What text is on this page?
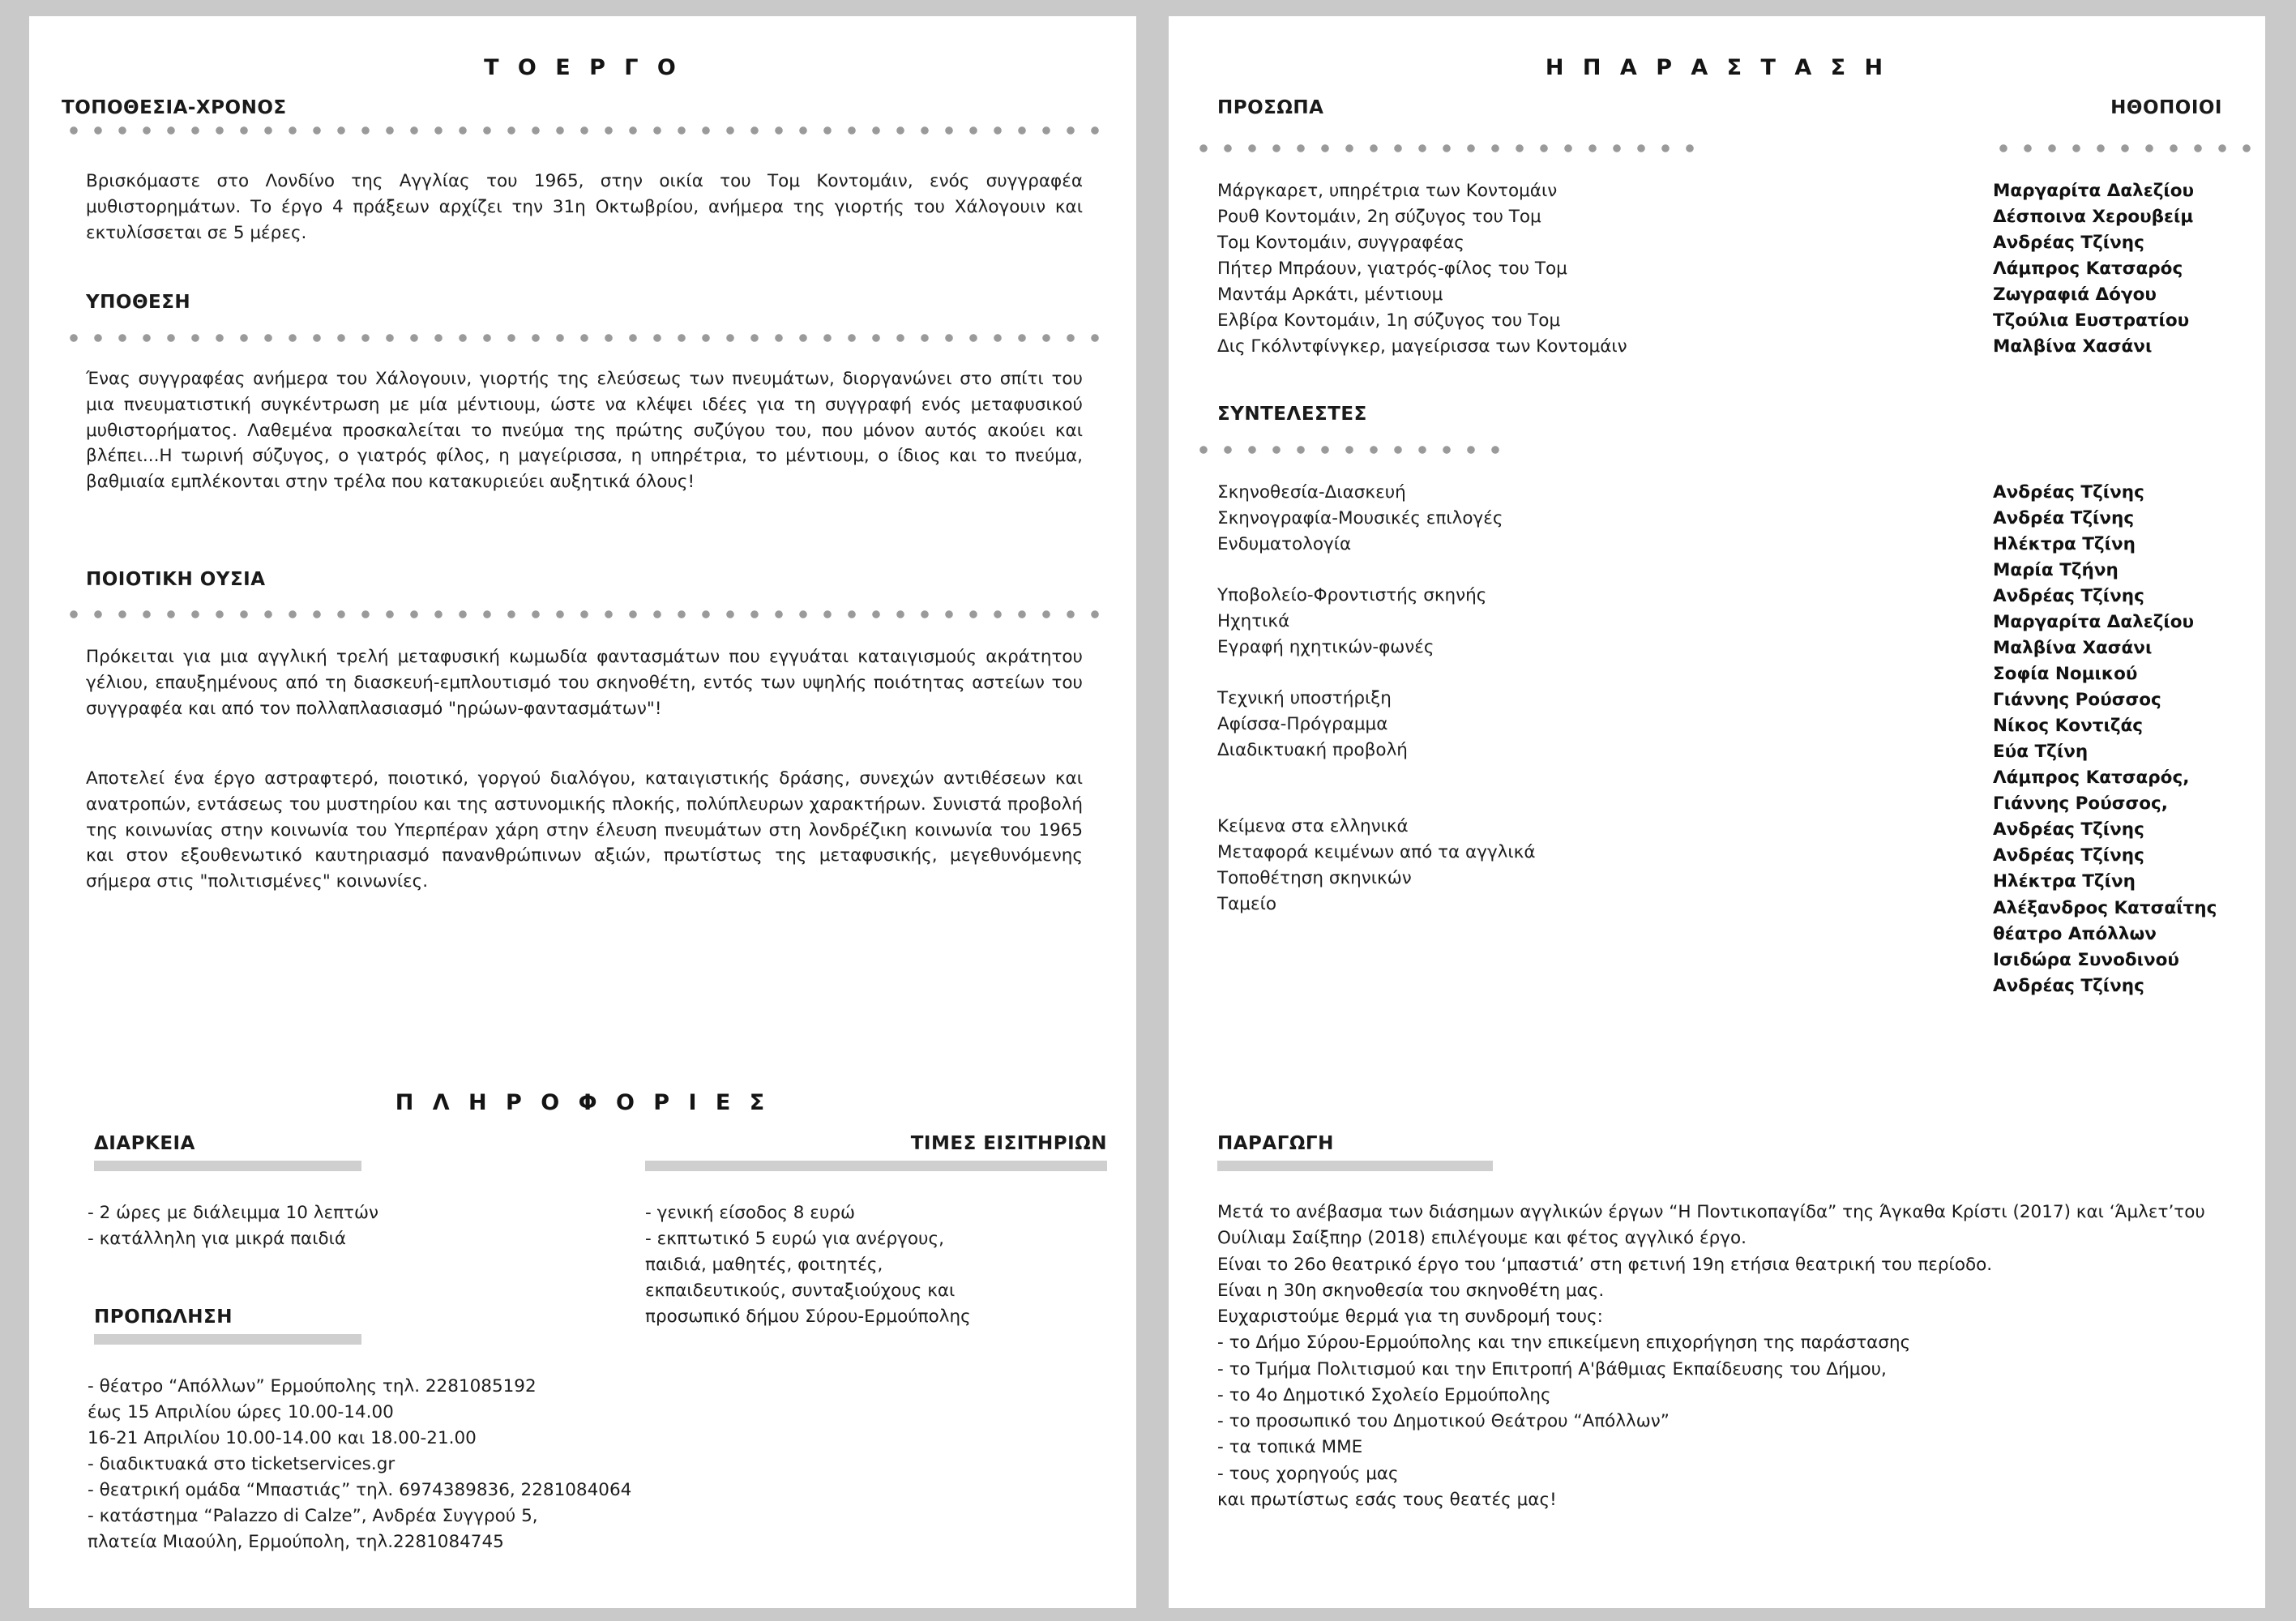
Τ Ο Ε Ρ Γ Ο
ΤΟΠΟΘΕΣΙΑ-ΧΡΟΝΟΣ
Βρισκόμαστε στο Λονδίνο της Αγγλίας του 1965, στην οικία του Τομ Κοντομάιν, ενός συγγραφέα μυθιστορημάτων. Το έργο 4 πράξεων αρχίζει την 31η Οκτωβρίου, ανήμερα της γιορτής του Χάλογουιν και εκτυλίσσεται σε 5 μέρες.
ΥΠΟΘΕΣΗ
Ένας συγγραφέας ανήμερα του Χάλογουιν, γιορτής της ελεύσεως των πνευμάτων, διοργανώνει στο σπίτι του μια πνευματιστική συγκέντρωση με μία μέντιουμ, ώστε να κλέψει ιδέες για τη συγγραφή ενός μεταφυσικού μυθιστορήματος. Λαθεμένα προσκαλείται το πνεύμα της πρώτης συζύγου του, που μόνον αυτός ακούει και βλέπει...Η τωρινή σύζυγος, ο γιατρός φίλος, η μαγείρισσα, η υπηρέτρια, το μέντιουμ, ο ίδιος και το πνεύμα, βαθμιαία εμπλέκονται στην τρέλα που κατακυριεύει αυξητικά όλους!
ΠΟΙΟΤΙΚΗ ΟΥΣΙΑ
Πρόκειται για μια αγγλική τρελή μεταφυσική κωμωδία φαντασμάτων που εγγυάται καταιγισμούς ακράτητου γέλιου, επαυξημένους από τη διασκευή-εμπλουτισμό του σκηνοθέτη, εντός των υψηλής ποιότητας αστείων του συγγραφέα και από τον πολλαπλασιασμό "ηρώων-φαντασμάτων"!
Αποτελεί ένα έργο αστραφτερό, ποιοτικό, γοργού διαλόγου, καταιγιστικής δράσης, συνεχών αντιθέσεων και ανατροπών, εντάσεως του μυστηρίου και της αστυνομικής πλοκής, πολύπλευρων χαρακτήρων. Συνιστά προβολή της κοινωνίας στην κοινωνία του Υπερπέραν χάρη στην έλευση πνευμάτων στη λονδρέζικη κοινωνία του 1965 και στον εξουθενωτικό καυτηριασμό πανανθρώπινων αξιών, πρωτίστως της μεταφυσικής, μεγεθυνόμενης σήμερα στις "πολιτισμένες" κοινωνίες.
Π Λ Η Ρ Ο Φ Ο Ρ Ι Ε Σ
ΔΙΑΡΚΕΙΑ
- 2 ώρες με διάλειμμα 10 λεπτών
- κατάλληλη για μικρά παιδιά
ΤΙΜΕΣ ΕΙΣΙΤΗΡΙΩΝ
- γενική είσοδος 8 ευρώ
- εκπτωτικό 5 ευρώ για ανέργους,
παιδιά, μαθητές, φοιτητές,
εκπαιδευτικούς, συνταξιούχους και
προσωπικό δήμου Σύρου-Ερμούπολης
ΠΡΟΠΩΛΗΣΗ
- θέατρο “Απόλλων” Ερμούπολης τηλ. 2281085192
έως 15 Απριλίου ώρες 10.00-14.00
16-21 Απριλίου 10.00-14.00 και 18.00-21.00
- διαδικτυακά στο ticketservices.gr
- θεατρική ομάδα “Μπαστιάς” τηλ. 6974389836, 2281084064
- κατάστημα “Palazzo di Calze”, Ανδρέα Συγγρού 5,
πλατεία Μιαούλη, Ερμούπολη, τηλ.2281084745
Η Π Α Ρ Α Σ Τ Α Σ Η
ΠΡΟΣΩΠΑ	ΗΘΟΠΟΙΟΙ
Μάργκαρετ, υπηρέτρια των Κοντομάιν
Ρουθ Κοντομάιν, 2η σύζυγος του Τομ
Τομ Κοντομάιν, συγγραφέας
Πήτερ Μπράουν, γιατρός-φίλος του Τομ
Μαντάμ Αρκάτι, μέντιουμ
Ελβίρα Κοντομάιν, 1η σύζυγος του Τομ
Δις Γκόλντφίνγκερ, μαγείρισσα των Κοντομάιν
Μαργαρίτα Δαλεζίου
Δέσποινα Χερουβείμ
Ανδρέας Τζίνης
Λάμπρος Κατσαρός
Ζωγραφιά Δόγου
Τζούλια Ευστρατίου
Μαλβίνα Χασάνι
ΣΥΝΤΕΛΕΣΤΕΣ
Σκηνοθεσία-Διασκευή
Σκηνογραφία-Μουσικές επιλογές
Ενδυματολογία
Υποβολείο-Φροντιστής σκηνής
Ηχητικά
Εγραφή ηχητικών-φωνές
Τεχνική υποστήριξη
Αφίσσα-Πρόγραμμα
Διαδικτυακή προβολή
Κείμενα στα ελληνικά
Μεταφορά κειμένων από τα αγγλικά
Τοποθέτηση σκηνικών
Ταμείο
Ανδρέας Τζίνης
Ανδρέα Τζίνης
Ηλέκτρα Τζίνη
Μαρία Τζήνη
Ανδρέας Τζίνης
Μαργαρίτα Δαλεζίου
Μαλβίνα Χασάνι
Σοφία Νομικού
Γιάννης Ρούσσος
Νίκος Κοντιζάς
Εύα Τζίνη
Λάμπρος Κατσαρός,
Γιάννης Ρούσσος,
Ανδρέας Τζίνης
Ανδρέας Τζίνης
Ηλέκτρα Τζίνη
Αλέξανδρος Κατσαΐτης
θέατρο Απόλλων
Ισιδώρα Συνοδινού
Ανδρέας Τζίνης
ΠΑΡΑΓΩΓΗ
Μετά το ανέβασμα των διάσημων αγγλικών έργων “Η Ποντικοπαγίδα” της Άγκαθα Κρίστι (2017) και ‘Άμλετ’του Ουίλιαμ Σαίξπηρ (2018) επιλέγουμε και φέτος αγγλικό έργο.
Είναι το 26ο θεατρικό έργο του ‘μπαστιά’ στη φετινή 19η ετήσια θεατρική του περίοδο.
Είναι η 30η σκηνοθεσία του σκηνοθέτη μας.
Ευχαριστούμε θερμά για τη συνδρομή τους:
- το Δήμο Σύρου-Ερμούπολης και την επικείμενη επιχορήγηση της παράστασης
- το Τμήμα Πολιτισμού και την Επιτροπή Α'βάθμιας Εκπαίδευσης του Δήμου,
- το 4ο Δημοτικό Σχολείο Ερμούπολης
- το προσωπικό του Δημοτικού Θεάτρου “Απόλλων”
- τα τοπικά ΜΜΕ
- τους χορηγούς μας
και πρωτίστως εσάς τους θεατές μας!
